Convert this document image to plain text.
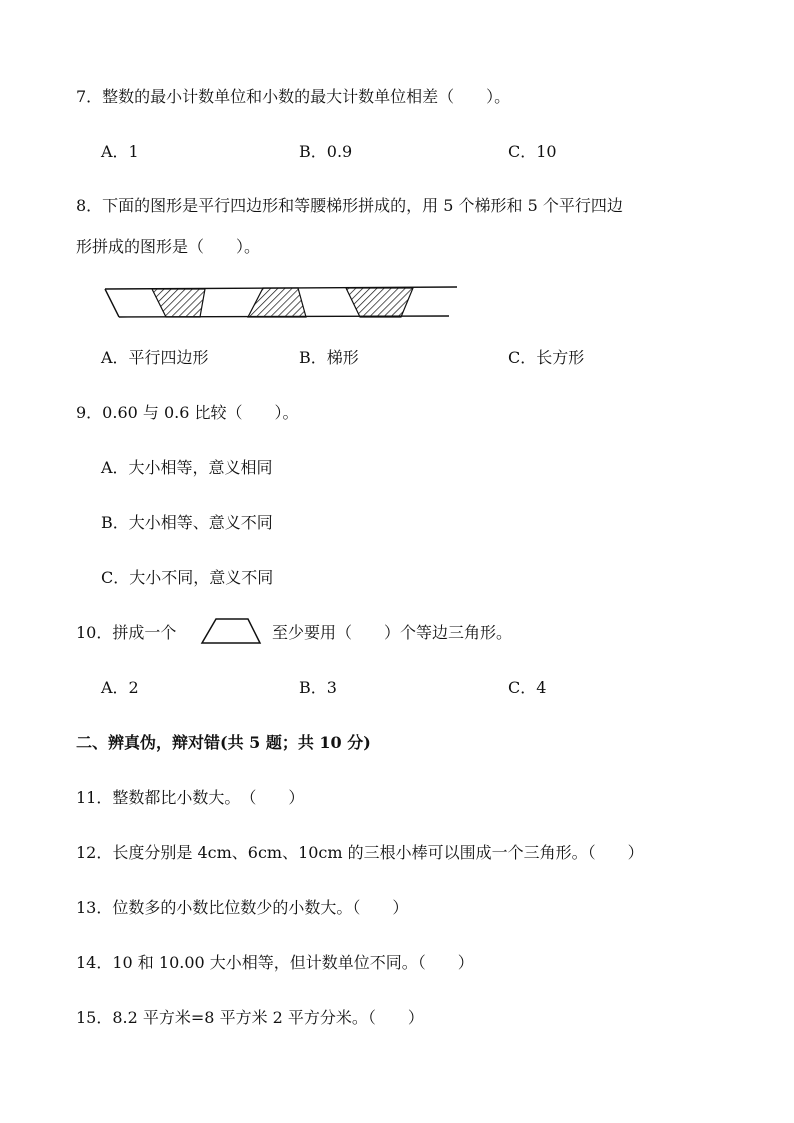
7．整数的最小计数单位和小数的最大计数单位相差（　　）。
A．1	B．0.9	C．10
8．下面的图形是平行四边形和等腰梯形拼成的，用 5 个梯形和 5 个平行四边
形拼成的图形是（　　）。
A．平行四边形	B．梯形	C．长方形
9．0.60 与 0.6 比较（　　）。
A．大小相等，意义相同
B．大小相等、意义不同
C．大小不同，意义不同
10．拼成一个	至少要用（　　）个等边三角形。
A．2	B．3	C．4
二、辨真伪，辩对错(共 5 题；共 10 分)
11．整数都比小数大。　（　　）
12．长度分别是 4cm、6cm、10cm 的三根小棒可以围成一个三角形。（　　）
13．位数多的小数比位数少的小数大。（　　）
14．10 和 10.00 大小相等，但计数单位不同。（　　）
15．8.2 平方米=8 平方米 2 平方分米。（　　）
